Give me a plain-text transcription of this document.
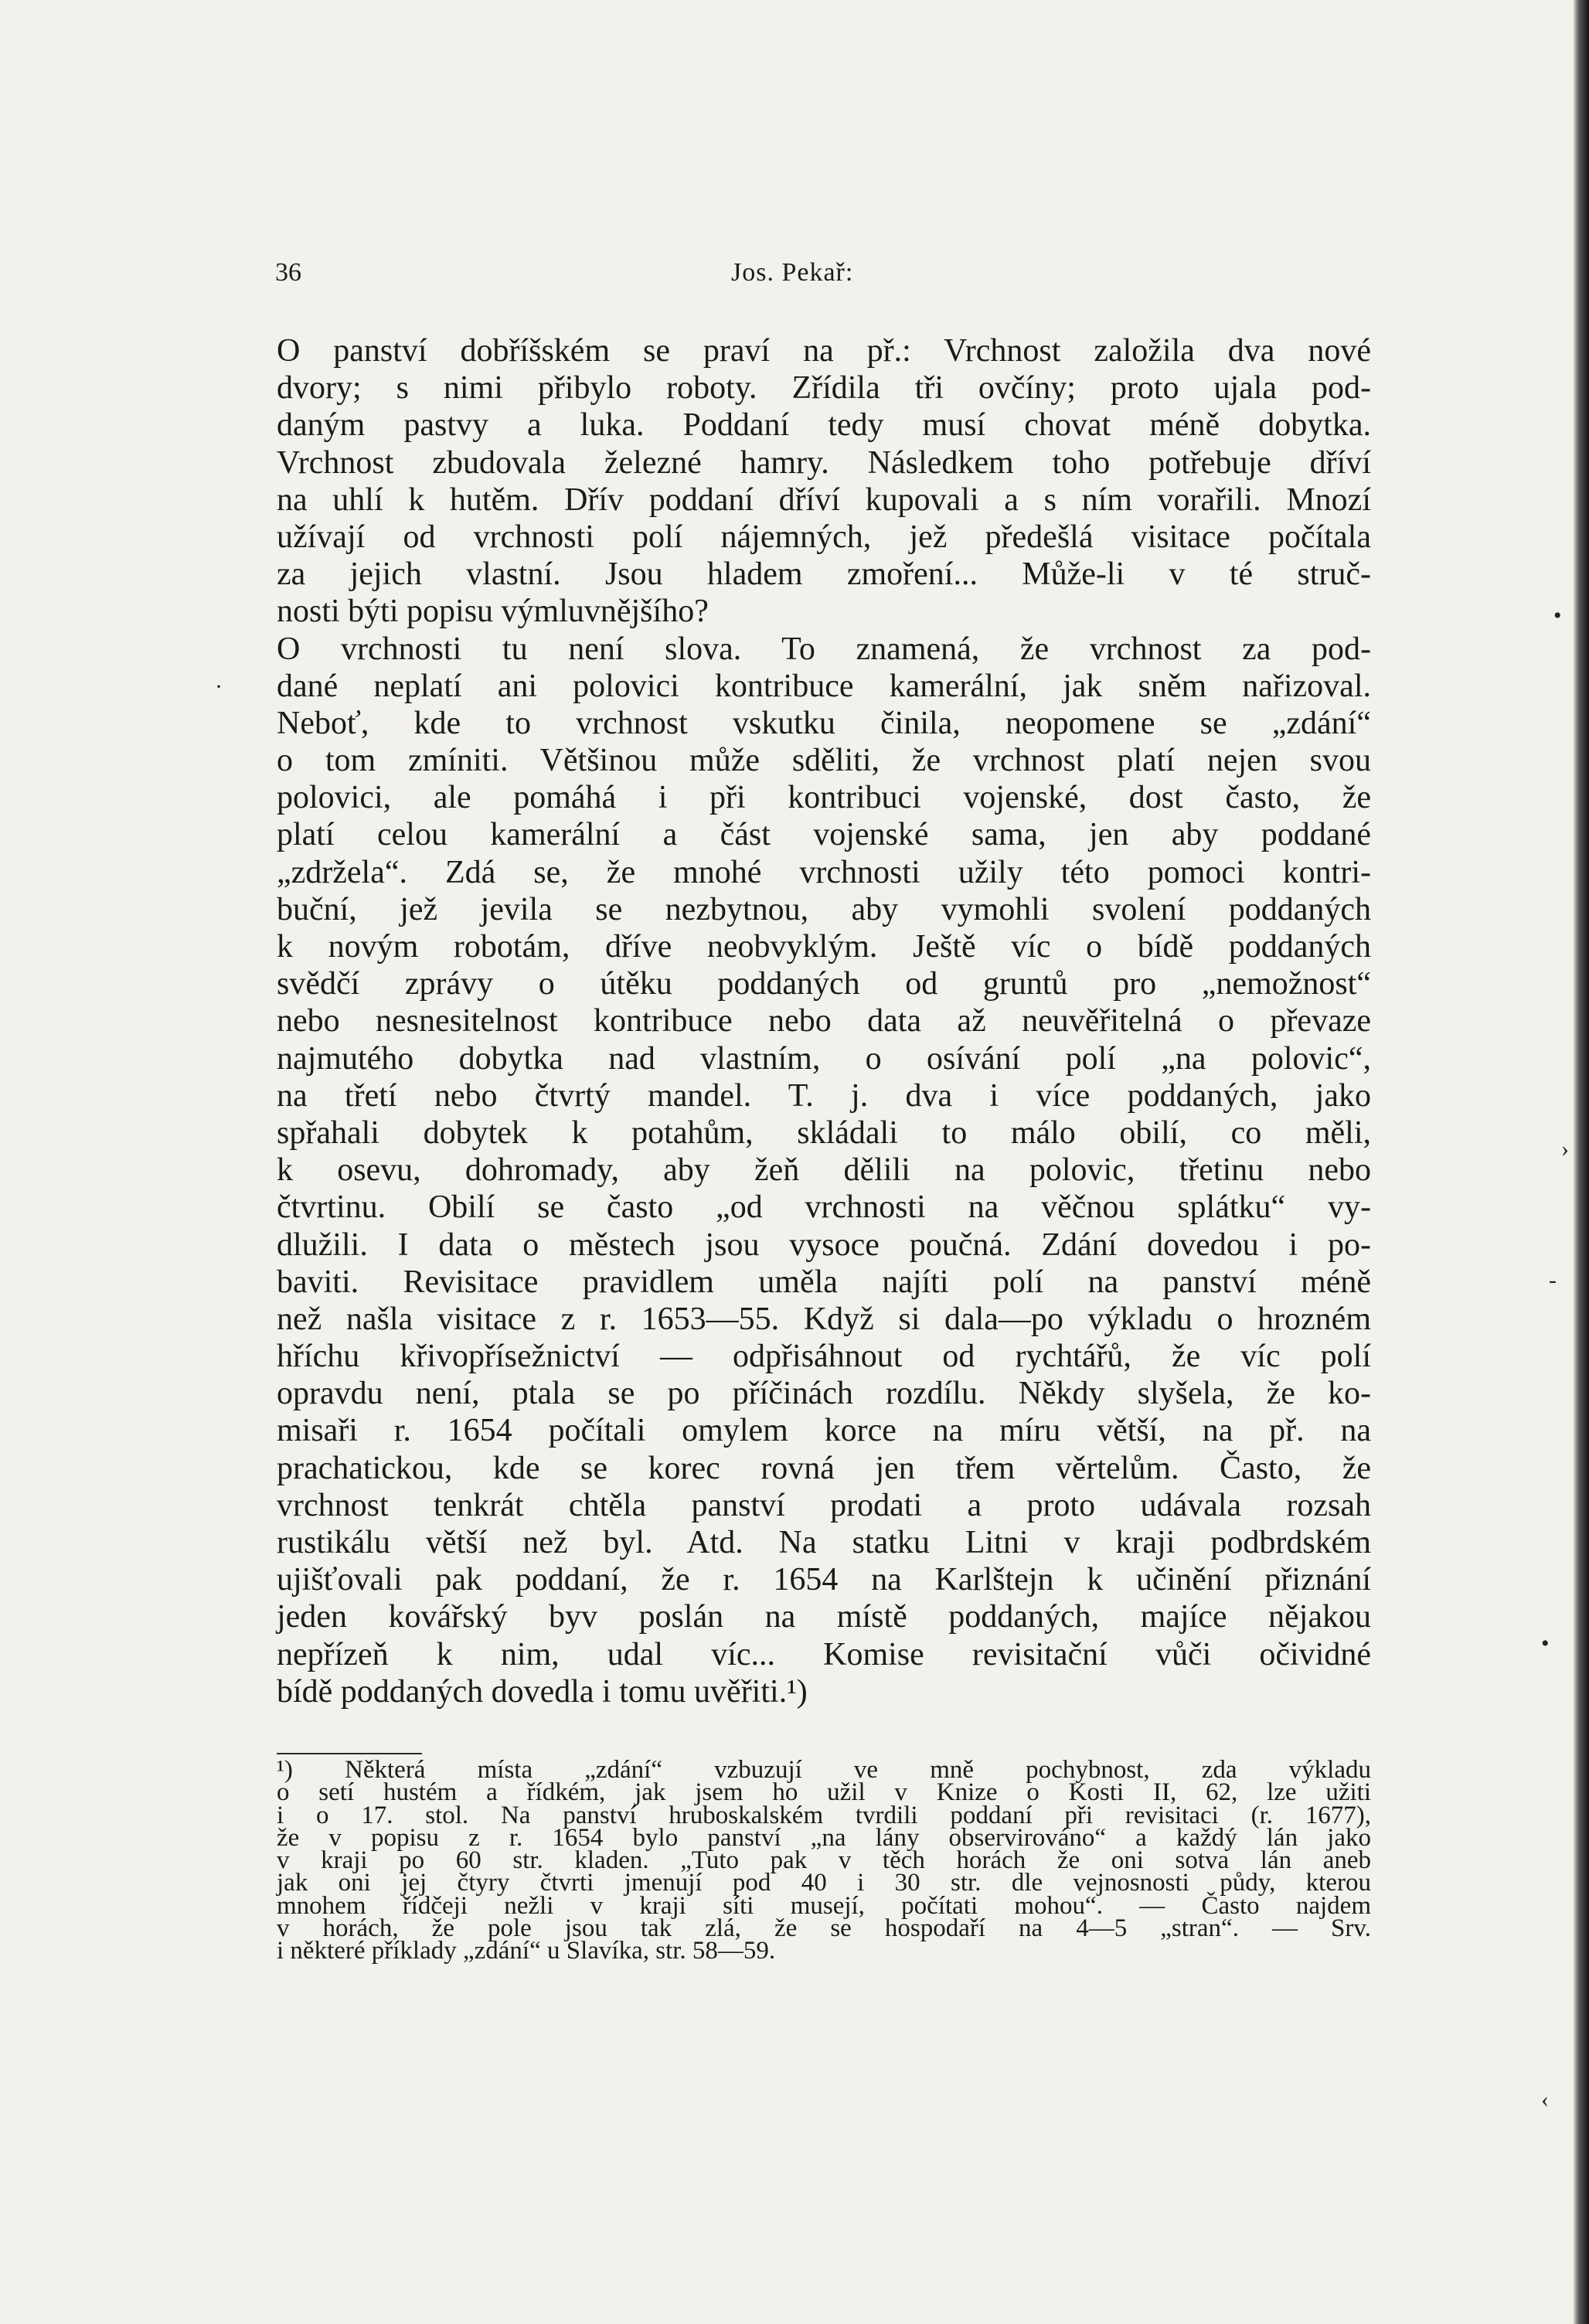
36	Jos. Pekař:
O panství dobříšském se praví na př.: Vrchnost založila dva nové
dvory; s nimi přibylo roboty. Zřídila tři ovčíny; proto ujala pod-
daným pastvy a luka. Poddaní tedy musí chovat méně dobytka.
Vrchnost zbudovala železné hamry. Následkem toho potřebuje dříví
na uhlí k hutěm. Dřív poddaní dříví kupovali a s ním vorařili. Mnozí
užívají od vrchnosti polí nájemných, jež předešlá visitace počítala
za jejich vlastní. Jsou hladem zmoření... Může-li v té struč-
nosti býti popisu výmluvnějšího?
O vrchnosti tu není slova. To znamená, že vrchnost za pod-
dané neplatí ani polovici kontribuce kamerální, jak sněm nařizoval.
Neboť, kde to vrchnost vskutku činila, neopomene se „zdání“
o tom zmíniti. Většinou může sděliti, že vrchnost platí nejen svou
polovici, ale pomáhá i při kontribuci vojenské, dost často, že
platí celou kamerální a část vojenské sama, jen aby poddané
„zdržela“. Zdá se, že mnohé vrchnosti užily této pomoci kontri-
buční, jež jevila se nezbytnou, aby vymohli svolení poddaných
k novým robotám, dříve neobvyklým. Ještě víc o bídě poddaných
svědčí zprávy o útěku poddaných od gruntů pro „nemožnost“
nebo nesnesitelnost kontribuce nebo data až neuvěřitelná o převaze
najmutého dobytka nad vlastním, o osívání polí „na polovic“,
na třetí nebo čtvrtý mandel. T. j. dva i více poddaných, jako
spřahali dobytek k potahům, skládali to málo obilí, co měli,
k osevu, dohromady, aby žeň dělili na polovic, třetinu nebo
čtvrtinu. Obilí se často „od vrchnosti na věčnou splátku“ vy-
dlužili. I data o městech jsou vysoce poučná. Zdání dovedou i po-
baviti. Revisitace pravidlem uměla najíti polí na panství méně
než našla visitace z r. 1653—55. Když si dala—po výkladu o hrozném
hříchu křivopřísežnictví — odpřisáhnout od rychtářů, že víc polí
opravdu není, ptala se po příčinách rozdílu. Někdy slyšela, že ko-
misaři r. 1654 počítali omylem korce na míru větší, na př. na
prachatickou, kde se korec rovná jen třem věrtelům. Často, že
vrchnost tenkrát chtěla panství prodati a proto udávala rozsah
rustikálu větší než byl. Atd. Na statku Litni v kraji podbrdském
ujišťovali pak poddaní, že r. 1654 na Karlštejn k učinění přiznání
jeden kovářský byv poslán na místě poddaných, majíce nějakou
nepřízeň k nim, udal víc... Komise revisitační vůči očividné
bídě poddaných dovedla i tomu uvěřiti.¹)
¹) Některá místa „zdání“ vzbuzují ve mně pochybnost, zda výkladu
o setí hustém a řídkém, jak jsem ho užil v Knize o Kosti II, 62, lze užiti
i o 17. stol. Na panství hruboskalském tvrdili poddaní při revisitaci (r. 1677),
že v popisu z r. 1654 bylo panství „na lány observirováno“ a každý lán jako
v kraji po 60 str. kladen. „Tuto pak v těch horách že oni sotva lán aneb
jak oni jej čtyry čtvrti jmenují pod 40 i 30 str. dle vejnosnosti půdy, kterou
mnohem řídčeji nežli v kraji síti musejí, počítati mohou“. — Často najdem
v horách, že pole jsou tak zlá, že se hospodaří na 4—5 „stran“. — Srv.
i některé příklady „zdání“ u Slavíka, str. 58—59.
•
·
›
-
•
‹
